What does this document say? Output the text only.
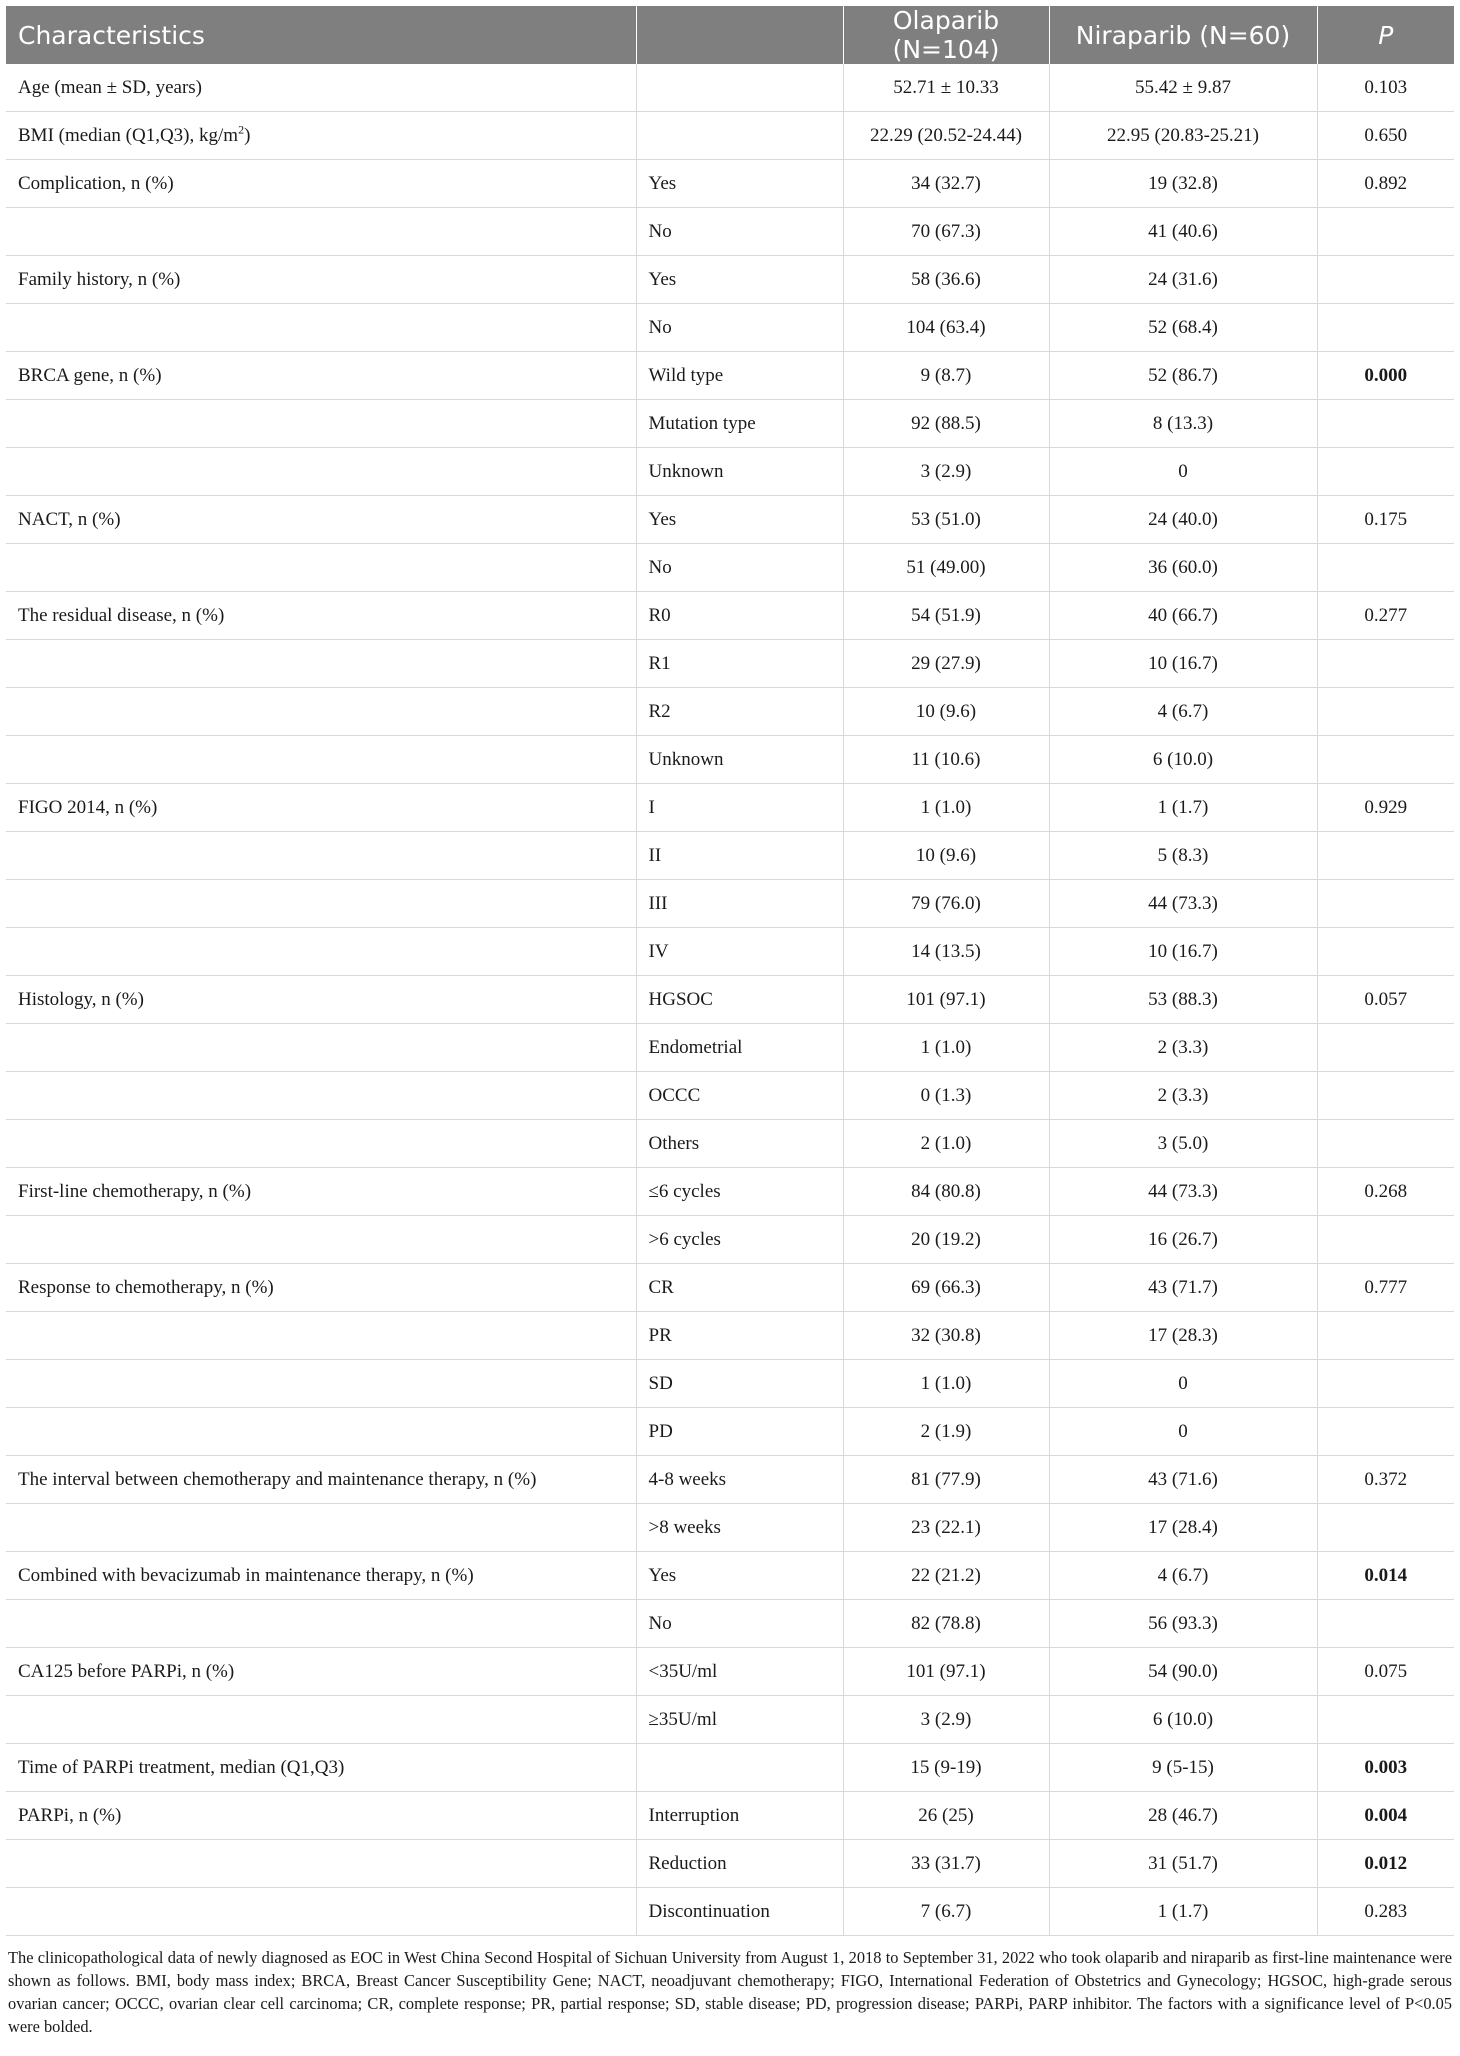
Characteristics		Olaparib (N=104)	Niraparib (N=60)	P
Age (mean ± SD, years)		52.71 ± 10.33	55.42 ± 9.87	0.103
BMI (median (Q1,Q3), $kg/m^2$)		22.29 (20.52-24.44)	22.95 (20.83-25.21)	0.650
Complication, n (%)	Yes	34 (32.7)	19 (32.8)	0.892
	No	70 (67.3)	41 (40.6)	
Family history, n (%)	Yes	58 (36.6)	24 (31.6)	
	No	104 (63.4)	52 (68.4)	
BRCA gene, n (%)	Wild type	9 (8.7)	52 (86.7)	0.000
	Mutation type	92 (88.5)	8 (13.3)	
	Unknown	3 (2.9)	0	
NACT, n (%)	Yes	53 (51.0)	24 (40.0)	0.175
	No	51 (49.00)	36 (60.0)	
The residual disease, n (%)	R0	54 (51.9)	40 (66.7)	0.277
	R1	29 (27.9)	10 (16.7)	
	R2	10 (9.6)	4 (6.7)	
	Unknown	11 (10.6)	6 (10.0)	
FIGO 2014, n (%)	I	1 (1.0)	1 (1.7)	0.929
	II	10 (9.6)	5 (8.3)	
	III	79 (76.0)	44 (73.3)	
	IV	14 (13.5)	10 (16.7)	
Histology, n (%)	HGSOC	101 (97.1)	53 (88.3)	0.057
	Endometrial	1 (1.0)	2 (3.3)	
	OCCC	0 (1.3)	2 (3.3)	
	Others	2 (1.0)	3 (5.0)	
First-line chemotherapy, n (%)	≤6 cycles	84 (80.8)	44 (73.3)	0.268
	>6 cycles	20 (19.2)	16 (26.7)	
Response to chemotherapy, n (%)	CR	69 (66.3)	43 (71.7)	0.777
	PR	32 (30.8)	17 (28.3)	
	SD	1 (1.0)	0	
	PD	2 (1.9)	0	
The interval between chemotherapy and maintenance therapy, n (%)	4-8 weeks	81 (77.9)	43 (71.6)	0.372
	>8 weeks	23 (22.1)	17 (28.4)	
Combined with bevacizumab in maintenance therapy, n (%)	Yes	22 (21.2)	4 (6.7)	0.014
	No	82 (78.8)	56 (93.3)	
CA125 before PARPi, n (%)	<35U/ml	101 (97.1)	54 (90.0)	0.075
	≥35U/ml	3 (2.9)	6 (10.0)	
Time of PARPi treatment, median (Q1,Q3)		15 (9-19)	9 (5-15)	0.003
PARPi, n (%)	Interruption	26 (25)	28 (46.7)	0.004
	Reduction	33 (31.7)	31 (51.7)	0.012
	Discontinuation	7 (6.7)	1 (1.7)	0.283
The clinicopathological data of newly diagnosed as EOC in West China Second Hospital of Sichuan University from August 1, 2018 to September 31, 2022 who took olaparib and niraparib as first-line maintenance were shown as follows. BMI, body mass index; BRCA, Breast Cancer Susceptibility Gene; NACT, neoadjuvant chemotherapy; FIGO, International Federation of Obstetrics and Gynecology; HGSOC, high-grade serous ovarian cancer; OCCC, ovarian clear cell carcinoma; CR, complete response; PR, partial response; SD, stable disease; PD, progression disease; PARPi, PARP inhibitor. The factors with a significance level of P<0.05 were bolded.
